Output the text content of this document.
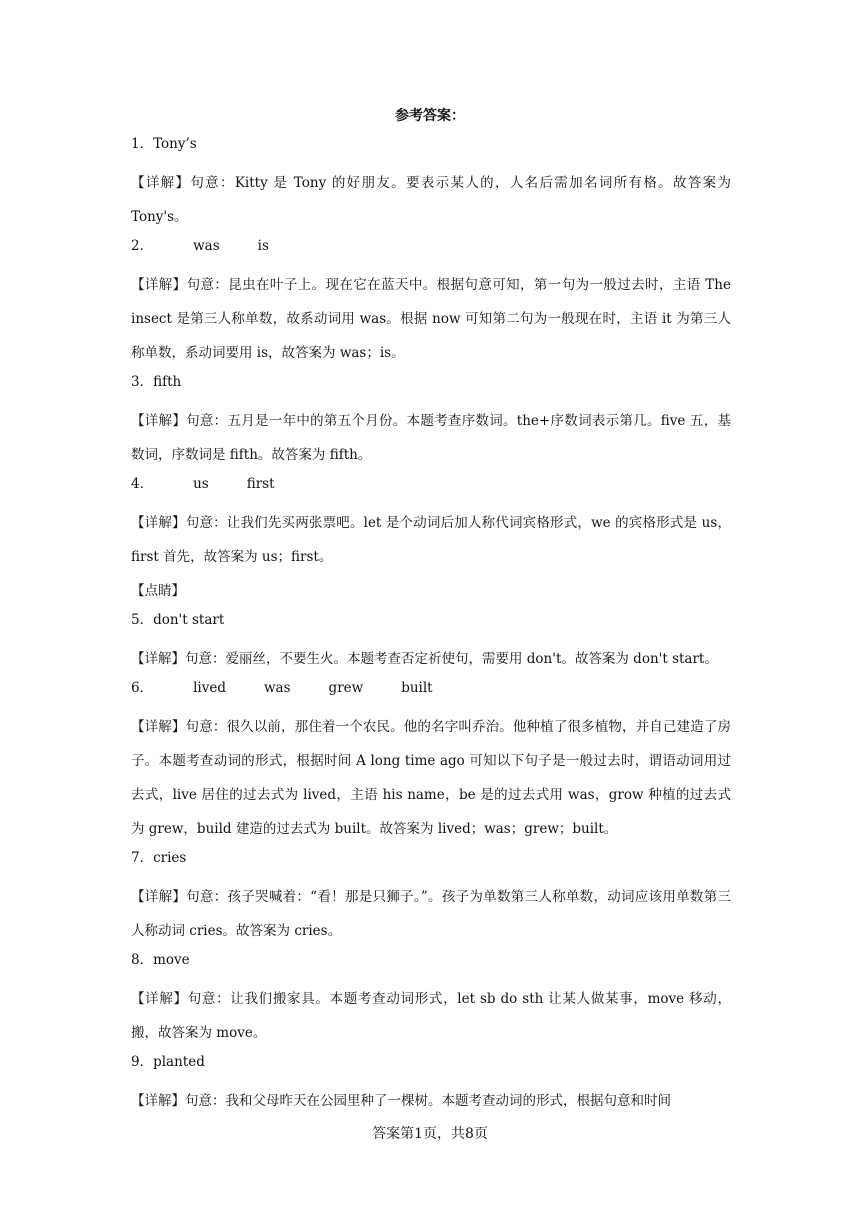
参考答案：
1．Tony’s

【详解】句意：Kitty 是 Tony 的好朋友。要表示某人的，人名后需加名词所有格。故答案为 Tony's。

2．	was	is

【详解】句意：昆虫在叶子上。现在它在蓝天中。根据句意可知，第一句为一般过去时，主语 The insect 是第三人称单数，故系动词用 was。根据 now 可知第二句为一般现在时，主语 it 为第三人称单数，系动词要用 is，故答案为 was；is。

3．fifth

【详解】句意：五月是一年中的第五个月份。本题考查序数词。the+序数词表示第几。five 五，基数词，序数词是 fifth。故答案为 fifth。

4．	us	first

【详解】句意：让我们先买两张票吧。let 是个动词后加人称代词宾格形式，we 的宾格形式是 us，first 首先，故答案为 us；first。

【点睛】
5．don't start

【详解】句意：爱丽丝，不要生火。本题考查否定祈使句，需要用 don't。故答案为 don't start。

6．	lived	was	grew	built

【详解】句意：很久以前，那住着一个农民。他的名字叫乔治。他种植了很多植物，并自己建造了房子。本题考查动词的形式，根据时间 A long time ago 可知以下句子是一般过去时，谓语动词用过去式，live 居住的过去式为 lived，主语 his name，be 是的过去式用 was，grow 种植的过去式为 grew，build 建造的过去式为 built。故答案为 lived；was；grew；built。

7．cries

【详解】句意：孩子哭喊着：“看！那是只狮子。”。孩子为单数第三人称单数，动词应该用单数第三人称动词 cries。故答案为 cries。

8．move

【详解】句意：让我们搬家具。本题考查动词形式，let sb do sth 让某人做某事，move 移动，搬，故答案为 move。

9．planted

【详解】句意：我和父母昨天在公园里种了一棵树。本题考查动词的形式，根据句意和时间

答案第1页，共8页
